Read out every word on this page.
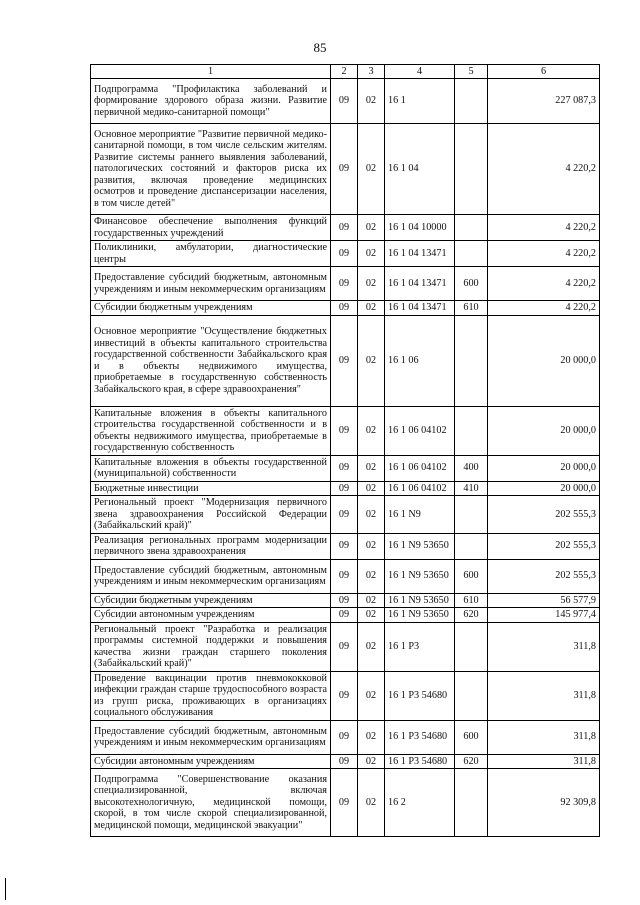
85
1	2	3	4	5	6
Подпрограмма "Профилактика заболеваний и формирование здорового образа жизни. Развитие первичной медико-санитарной помощи"	09	02	16 1		227 087,3
Основное мероприятие "Развитие первичной медико-санитарной помощи, в том числе сельским жителям. Развитие системы раннего выявления заболеваний, патологических состояний и факторов риска их развития, включая проведение медицинских осмотров и проведение диспансеризации населения, в том числе детей"	09	02	16 1 04		4 220,2
Финансовое обеспечение выполнения функций государственных учреждений	09	02	16 1 04 10000		4 220,2
Поликлиники, амбулатории, диагностические центры	09	02	16 1 04 13471		4 220,2
Предоставление субсидий бюджетным, автономным учреждениям и иным некоммерческим организациям	09	02	16 1 04 13471	600	4 220,2
Субсидии бюджетным учреждениям	09	02	16 1 04 13471	610	4 220,2
Основное мероприятие "Осуществление бюджетных инвестиций в объекты капитального строительства государственной собственности Забайкальского края и в объекты недвижимого имущества, приобретаемые в государственную собственность Забайкальского края, в сфере здравоохранения"	09	02	16 1 06		20 000,0
Капитальные вложения в объекты капитального строительства государственной собственности и в объекты недвижимого имущества, приобретаемые в государственную собственность	09	02	16 1 06 04102		20 000,0
Капитальные вложения в объекты государственной (муниципальной) собственности	09	02	16 1 06 04102	400	20 000,0
Бюджетные инвестиции	09	02	16 1 06 04102	410	20 000,0
Региональный проект "Модернизация первичного звена здравоохранения Российской Федерации (Забайкальский край)"	09	02	16 1 N9		202 555,3
Реализация региональных программ модернизации первичного звена здравоохранения	09	02	16 1 N9 53650		202 555,3
Предоставление субсидий бюджетным, автономным учреждениям и иным некоммерческим организациям	09	02	16 1 N9 53650	600	202 555,3
Субсидии бюджетным учреждениям	09	02	16 1 N9 53650	610	56 577,9
Субсидии автономным учреждениям	09	02	16 1 N9 53650	620	145 977,4
Региональный проект "Разработка и реализация программы системной поддержки и повышения качества жизни граждан старшего поколения (Забайкальский край)"	09	02	16 1 P3		311,8
Проведение вакцинации против пневмококковой инфекции граждан старше трудоспособного возраста из групп риска, проживающих в организациях социального обслуживания	09	02	16 1 P3 54680		311,8
Предоставление субсидий бюджетным, автономным учреждениям и иным некоммерческим организациям	09	02	16 1 P3 54680	600	311,8
Субсидии автономным учреждениям	09	02	16 1 P3 54680	620	311,8
Подпрограмма "Совершенствование оказания специализированной, включая высокотехнологичную, медицинской помощи, скорой, в том числе скорой специализированной, медицинской помощи, медицинской эвакуации"	09	02	16 2		92 309,8
